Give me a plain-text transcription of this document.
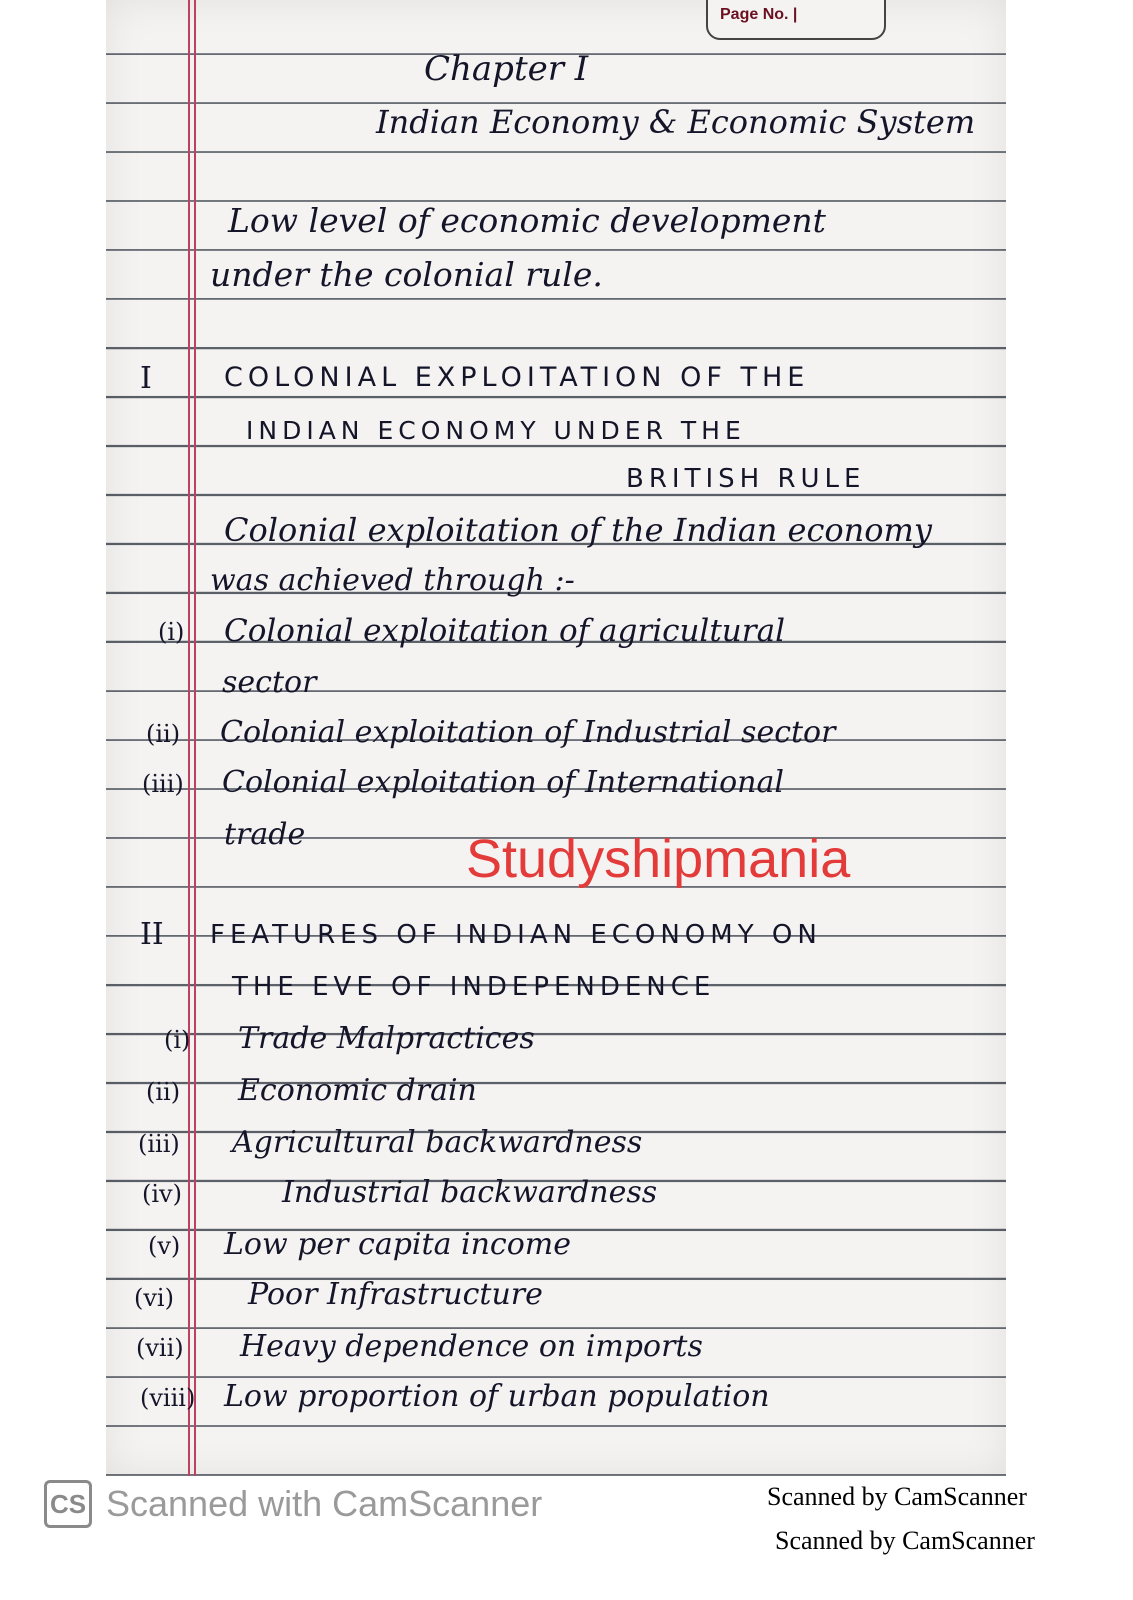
Page No. |
Chapter I
Indian Economy & Economic System
Low level of economic development
under the colonial rule.
I	COLONIAL EXPLOITATION OF THE
INDIAN ECONOMY UNDER THE
BRITISH RULE
Colonial exploitation of the Indian economy
was achieved through :-
(i) Colonial exploitation of agricultural
sector
(ii) Colonial exploitation of Industrial sector
(iii) Colonial exploitation of International
trade
II FEATURES OF INDIAN ECONOMY ON
THE EVE OF INDEPENDENCE
(i) Trade Malpractices
(ii) Economic drain
(iii) Agricultural backwardness
(iv)	Industrial backwardness
(v) Low per capita income
(vi) Poor Infrastructure
(vii) Heavy dependence on imports
(viii) Low proportion of urban population
Studyshipmania
CS Scanned with CamScanner	Scanned by CamScanner
Scanned by CamScanner
